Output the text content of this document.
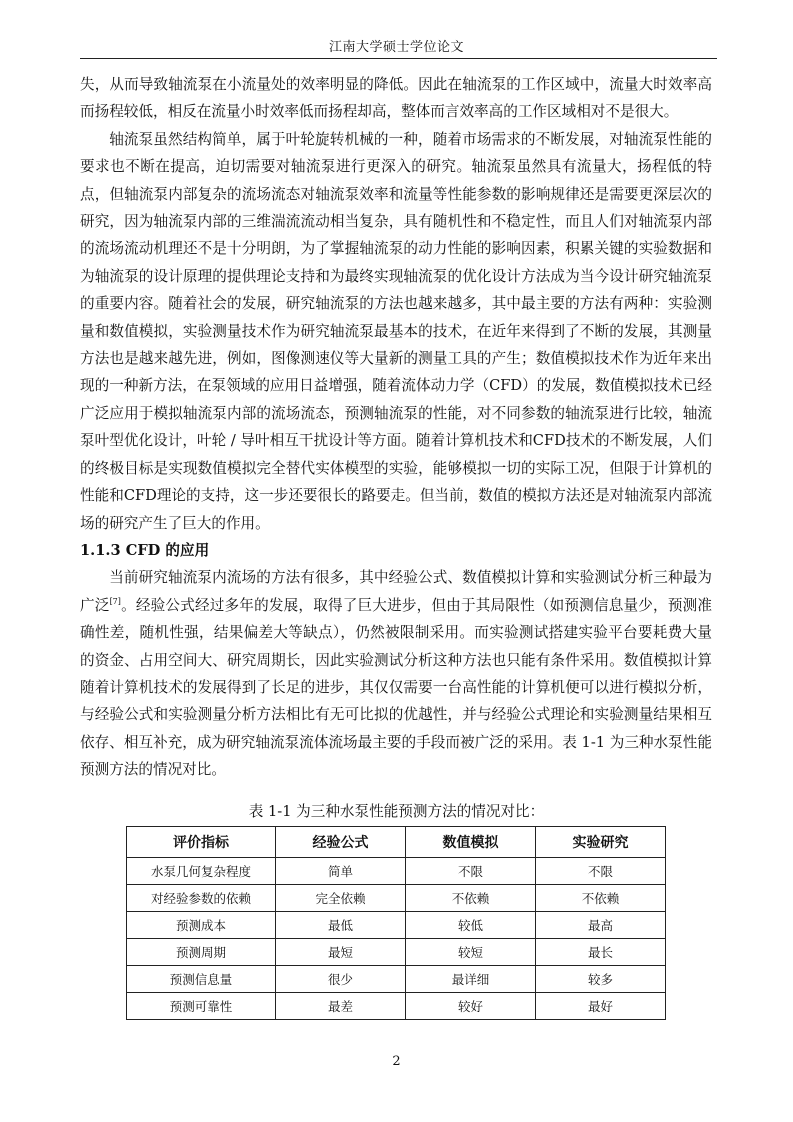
江南大学硕士学位论文

失，从而导致轴流泵在小流量处的效率明显的降低。因此在轴流泵的工作区域中，流量大时效率高而扬程较低，相反在流量小时效率低而扬程却高，整体而言效率高的工作区域相对不是很大。

轴流泵虽然结构简单，属于叶轮旋转机械的一种，随着市场需求的不断发展，对轴流泵性能的要求也不断在提高，迫切需要对轴流泵进行更深入的研究。轴流泵虽然具有流量大，扬程低的特点，但轴流泵内部复杂的流场流态对轴流泵效率和流量等性能参数的影响规律还是需要更深层次的研究，因为轴流泵内部的三维湍流流动相当复杂，具有随机性和不稳定性，而且人们对轴流泵内部的流场流动机理还不是十分明朗，为了掌握轴流泵的动力性能的影响因素，积累关键的实验数据和为轴流泵的设计原理的提供理论支持和为最终实现轴流泵的优化设计方法成为当今设计研究轴流泵的重要内容。随着社会的发展，研究轴流泵的方法也越来越多，其中最主要的方法有两种：实验测量和数值模拟，实验测量技术作为研究轴流泵最基本的技术，在近年来得到了不断的发展，其测量方法也是越来越先进，例如，图像测速仪等大量新的测量工具的产生；数值模拟技术作为近年来出现的一种新方法，在泵领域的应用日益增强，随着流体动力学（CFD）的发展，数值模拟技术已经广泛应用于模拟轴流泵内部的流场流态，预测轴流泵的性能，对不同参数的轴流泵进行比较，轴流泵叶型优化设计，叶轮 / 导叶相互干扰设计等方面。随着计算机技术和CFD技术的不断发展，人们的终极目标是实现数值模拟完全替代实体模型的实验，能够模拟一切的实际工况，但限于计算机的性能和CFD理论的支持，这一步还要很长的路要走。但当前，数值的模拟方法还是对轴流泵内部流场的研究产生了巨大的作用。

1.1.3 CFD 的应用

当前研究轴流泵内流场的方法有很多，其中经验公式、数值模拟计算和实验测试分析三种最为广泛[7]。经验公式经过多年的发展，取得了巨大进步，但由于其局限性（如预测信息量少，预测准确性差，随机性强，结果偏差大等缺点），仍然被限制采用。而实验测试搭建实验平台要耗费大量的资金、占用空间大、研究周期长，因此实验测试分析这种方法也只能有条件采用。数值模拟计算随着计算机技术的发展得到了长足的进步，其仅仅需要一台高性能的计算机便可以进行模拟分析，与经验公式和实验测量分析方法相比有无可比拟的优越性，并与经验公式理论和实验测量结果相互依存、相互补充，成为研究轴流泵流体流场最主要的手段而被广泛的采用。表 1-1 为三种水泵性能预测方法的情况对比。

表 1-1 为三种水泵性能预测方法的情况对比：
评价指标	经验公式	数值模拟	实验研究
水泵几何复杂程度	简单	不限	不限
对经验参数的依赖	完全依赖	不依赖	不依赖
预测成本	最低	较低	最高
预测周期	最短	较短	最长
预测信息量	很少	最详细	较多
预测可靠性	最差	较好	最好
2
